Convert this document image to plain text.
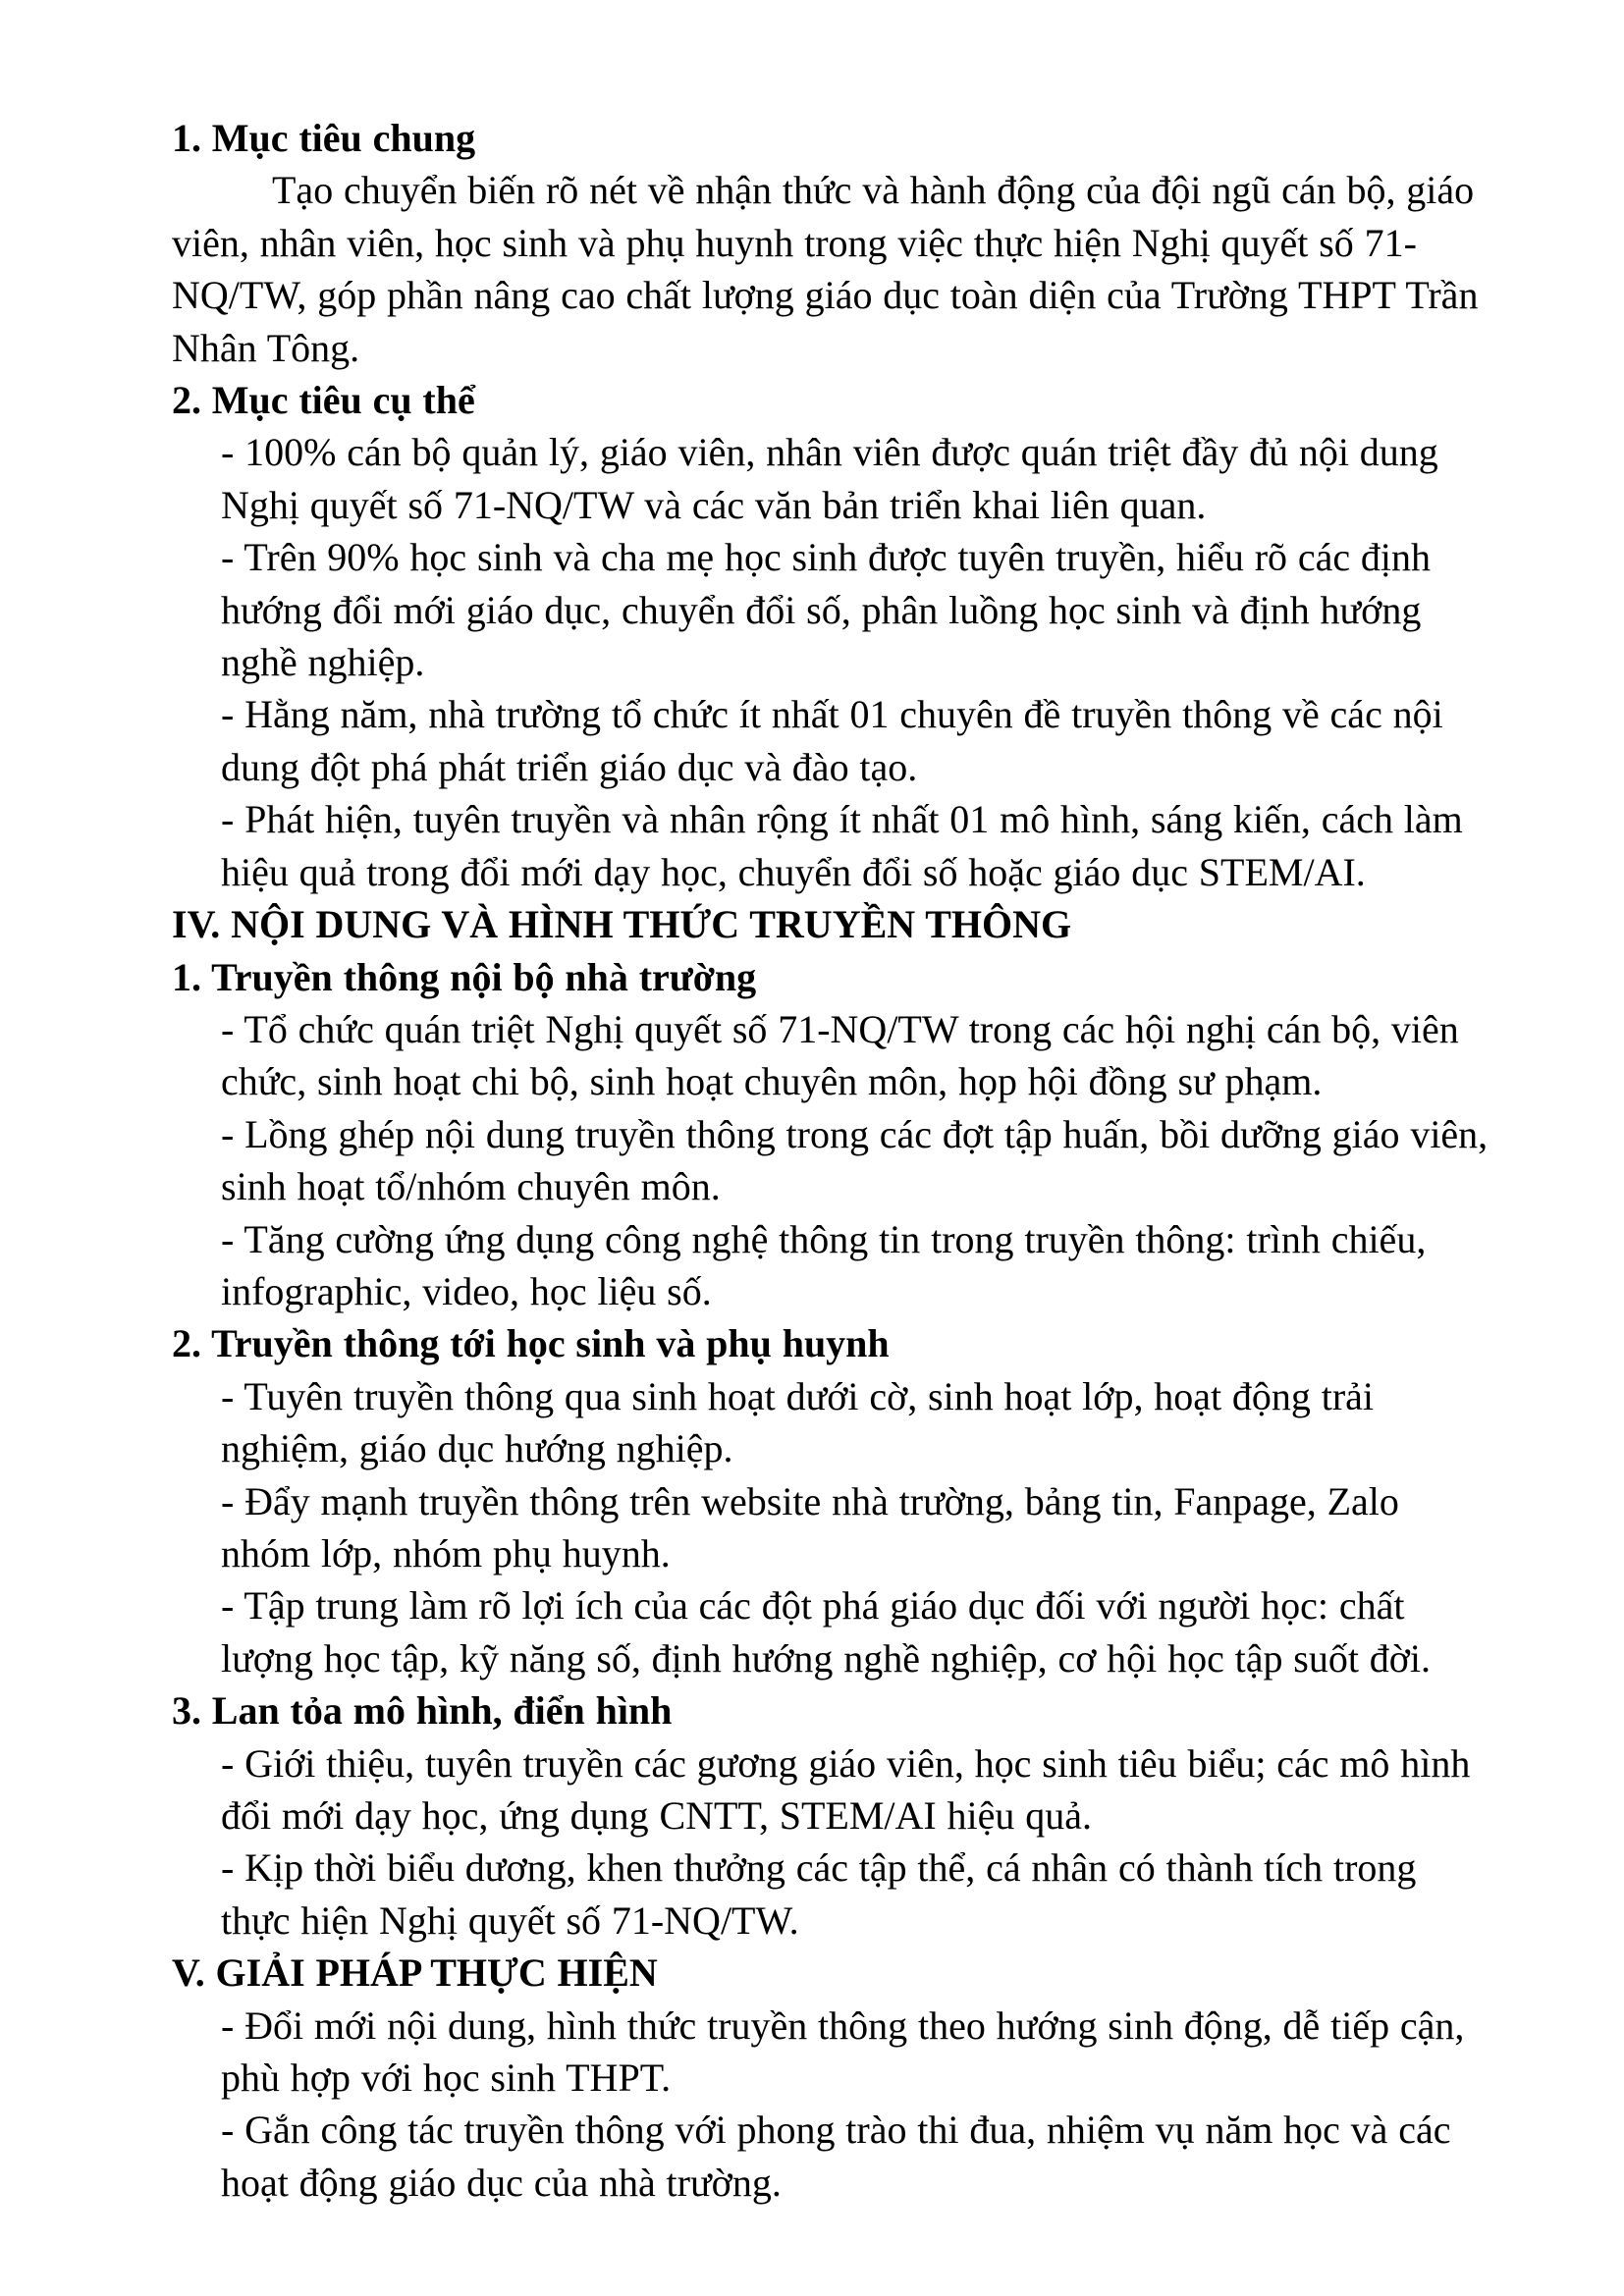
1. Mục tiêu chung

Tạo chuyển biến rõ nét về nhận thức và hành động của đội ngũ cán bộ, giáo viên, nhân viên, học sinh và phụ huynh trong việc thực hiện Nghị quyết số 71-NQ/TW, góp phần nâng cao chất lượng giáo dục toàn diện của Trường THPT Trần Nhân Tông.

2. Mục tiêu cụ thể

- 100% cán bộ quản lý, giáo viên, nhân viên được quán triệt đầy đủ nội dung Nghị quyết số 71-NQ/TW và các văn bản triển khai liên quan.

- Trên 90% học sinh và cha mẹ học sinh được tuyên truyền, hiểu rõ các định hướng đổi mới giáo dục, chuyển đổi số, phân luồng học sinh và định hướng nghề nghiệp.

- Hằng năm, nhà trường tổ chức ít nhất 01 chuyên đề truyền thông về các nội dung đột phá phát triển giáo dục và đào tạo.

- Phát hiện, tuyên truyền và nhân rộng ít nhất 01 mô hình, sáng kiến, cách làm hiệu quả trong đổi mới dạy học, chuyển đổi số hoặc giáo dục STEM/AI.

IV. NỘI DUNG VÀ HÌNH THỨC TRUYỀN THÔNG

1. Truyền thông nội bộ nhà trường

- Tổ chức quán triệt Nghị quyết số 71-NQ/TW trong các hội nghị cán bộ, viên chức, sinh hoạt chi bộ, sinh hoạt chuyên môn, họp hội đồng sư phạm.

- Lồng ghép nội dung truyền thông trong các đợt tập huấn, bồi dưỡng giáo viên, sinh hoạt tổ/nhóm chuyên môn.

- Tăng cường ứng dụng công nghệ thông tin trong truyền thông: trình chiếu, infographic, video, học liệu số.

2. Truyền thông tới học sinh và phụ huynh

- Tuyên truyền thông qua sinh hoạt dưới cờ, sinh hoạt lớp, hoạt động trải nghiệm, giáo dục hướng nghiệp.

- Đẩy mạnh truyền thông trên website nhà trường, bảng tin, Fanpage, Zalo nhóm lớp, nhóm phụ huynh.

- Tập trung làm rõ lợi ích của các đột phá giáo dục đối với người học: chất lượng học tập, kỹ năng số, định hướng nghề nghiệp, cơ hội học tập suốt đời.

3. Lan tỏa mô hình, điển hình

- Giới thiệu, tuyên truyền các gương giáo viên, học sinh tiêu biểu; các mô hình đổi mới dạy học, ứng dụng CNTT, STEM/AI hiệu quả.

- Kịp thời biểu dương, khen thưởng các tập thể, cá nhân có thành tích trong thực hiện Nghị quyết số 71-NQ/TW.

V. GIẢI PHÁP THỰC HIỆN

- Đổi mới nội dung, hình thức truyền thông theo hướng sinh động, dễ tiếp cận, phù hợp với học sinh THPT.

- Gắn công tác truyền thông với phong trào thi đua, nhiệm vụ năm học và các hoạt động giáo dục của nhà trường.
